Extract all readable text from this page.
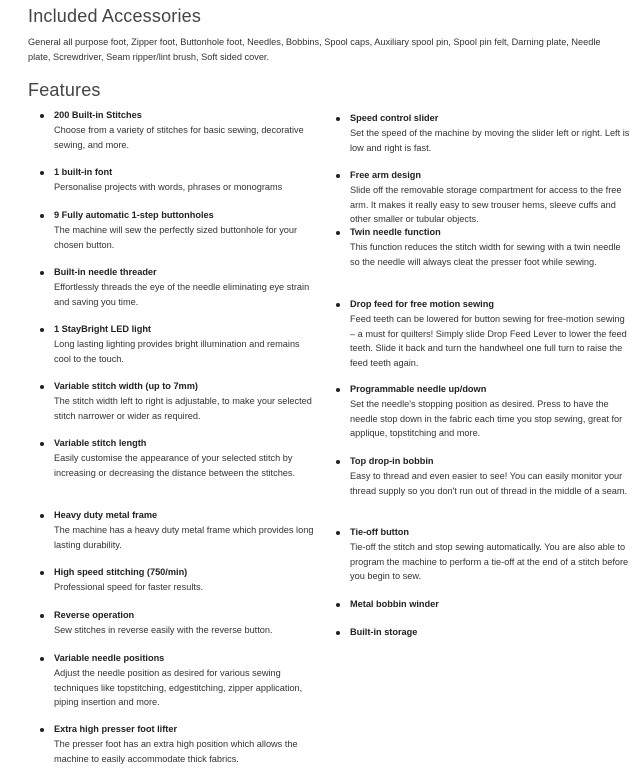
Included Accessories

General all purpose foot, Zipper foot, Buttonhole foot, Needles, Bobbins, Spool caps, Auxiliary spool pin, Spool pin felt, Darning plate, Needle plate, Screwdriver, Seam ripper/lint brush, Soft sided cover.

Features
200 Built-in Stitches
Choose from a variety of stitches for basic sewing, decorative sewing, and more.
1 built-in font
Personalise projects with words, phrases or monograms
9 Fully automatic 1-step buttonholes
The machine will sew the perfectly sized buttonhole for your chosen button.
Built-in needle threader
Effortlessly threads the eye of the needle eliminating eye strain and saving you time.
1 StayBright LED light
Long lasting lighting provides bright illumination and remains cool to the touch.
Variable stitch width (up to 7mm)
The stitch width left to right is adjustable, to make your selected stitch narrower or wider as required.
Variable stitch length
Easily customise the appearance of your selected stitch by increasing or decreasing the distance between the stitches.
Heavy duty metal frame
The machine has a heavy duty metal frame which provides long lasting durability.
High speed stitching (750/min)
Professional speed for faster results.
Reverse operation
Sew stitches in reverse easily with the reverse button.
Variable needle positions
Adjust the needle position as desired for various sewing techniques like topstitching, edgestitching, zipper application, piping insertion and more.
Extra high presser foot lifter
The presser foot has an extra high position which allows the machine to easily accommodate thick fabrics.
Speed control slider
Set the speed of the machine by moving the slider left or right. Left is low and right is fast.
Free arm design
Slide off the removable storage compartment for access to the free arm. It makes it really easy to sew trouser hems, sleeve cuffs and other smaller or tubular objects.
Twin needle function
This function reduces the stitch width for sewing with a twin needle so the needle will always cleat the presser foot while sewing.
Drop feed for free motion sewing
Feed teeth can be lowered for button sewing for free-motion sewing – a must for quilters! Simply slide Drop Feed Lever to lower the feed teeth. Slide it back and turn the handwheel one full turn to raise the feed teeth again.
Programmable needle up/down
Set the needle's stopping position as desired. Press to have the needle stop down in the fabric each time you stop sewing, great for applique, topstitching and more.
Top drop-in bobbin
Easy to thread and even easier to see! You can easily monitor your thread supply so you don't run out of thread in the middle of a seam.
Tie-off button
Tie-off the stitch and stop sewing automatically. You are also able to program the machine to perform a tie-off at the end of a stitch before you begin to sew.
Metal bobbin winder
Built-in storage
